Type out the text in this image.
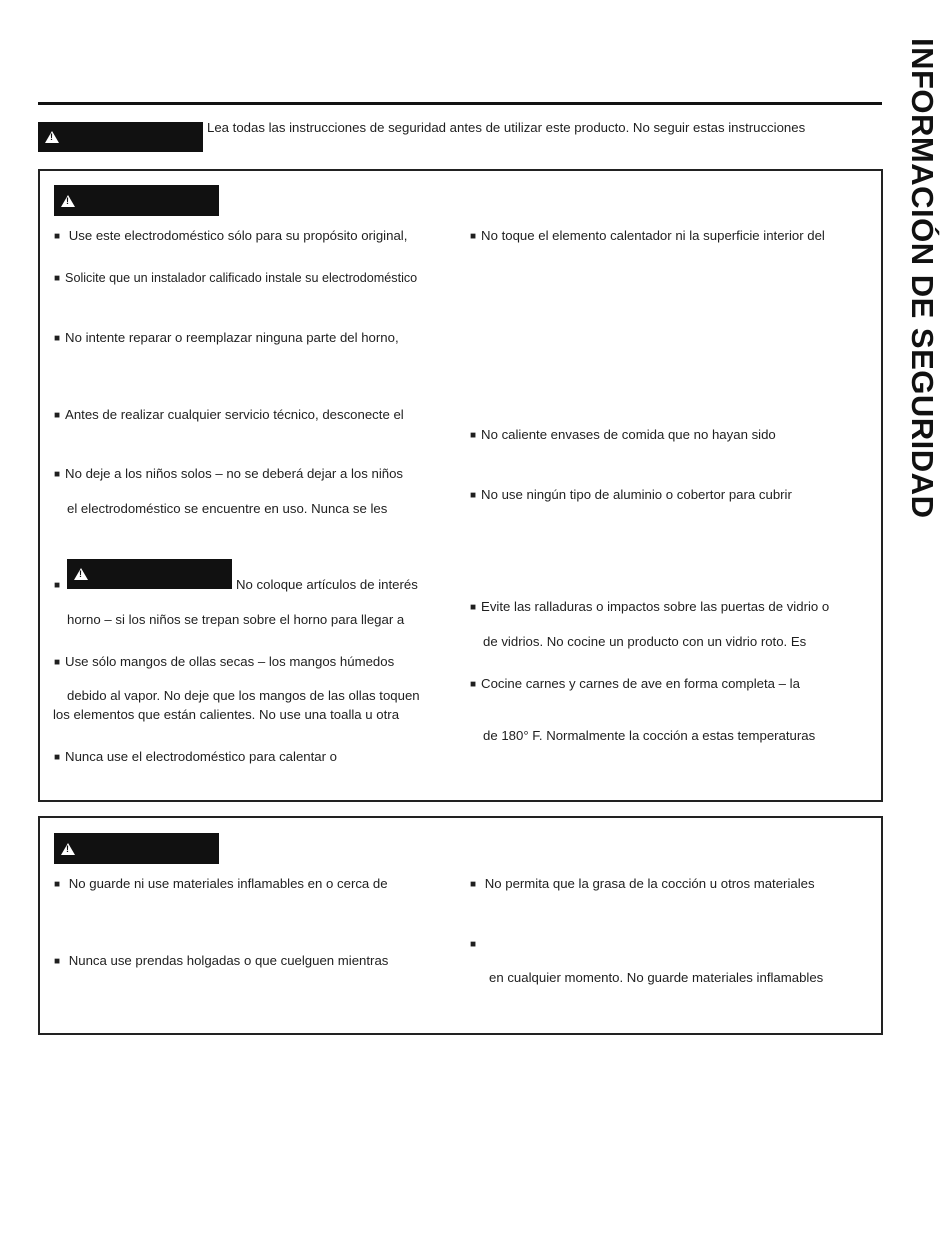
INFORMACIÓN DE SEGURIDAD
!
Lea todas las instrucciones de seguridad antes de utilizar este producto. No seguir estas instrucciones
!
■ Use este electrodoméstico sólo para su propósito original,
■ Solicite que un instalador calificado instale su electrodoméstico
■ No intente reparar o reemplazar ninguna parte del horno,
■ Antes de realizar cualquier servicio técnico, desconecte el
■ No deje a los niños solos – no se deberá dejar a los niños
el electrodoméstico se encuentre en uso. Nunca se les
■
!	No coloque artículos de interés
horno – si los niños se trepan sobre el horno para llegar a
■ Use sólo mangos de ollas secas – los mangos húmedos
debido al vapor. No deje que los mangos de las ollas toquen
los elementos que están calientes. No use una toalla u otra
■ Nunca use el electrodoméstico para calentar o
■ No toque el elemento calentador ni la superficie interior del
■ No caliente envases de comida que no hayan sido
■ No use ningún tipo de aluminio o cobertor para cubrir
■ Evite las ralladuras o impactos sobre las puertas de vidrio o
de vidrios. No cocine un producto con un vidrio roto. Es
■ Cocine carnes y carnes de ave en forma completa – la
de 180° F. Normalmente la cocción a estas temperaturas
!
■ No guarde ni use materiales inflamables en o cerca de
■ Nunca use prendas holgadas o que cuelguen mientras
■ No permita que la grasa de la cocción u otros materiales
■
en cualquier momento. No guarde materiales inflamables
